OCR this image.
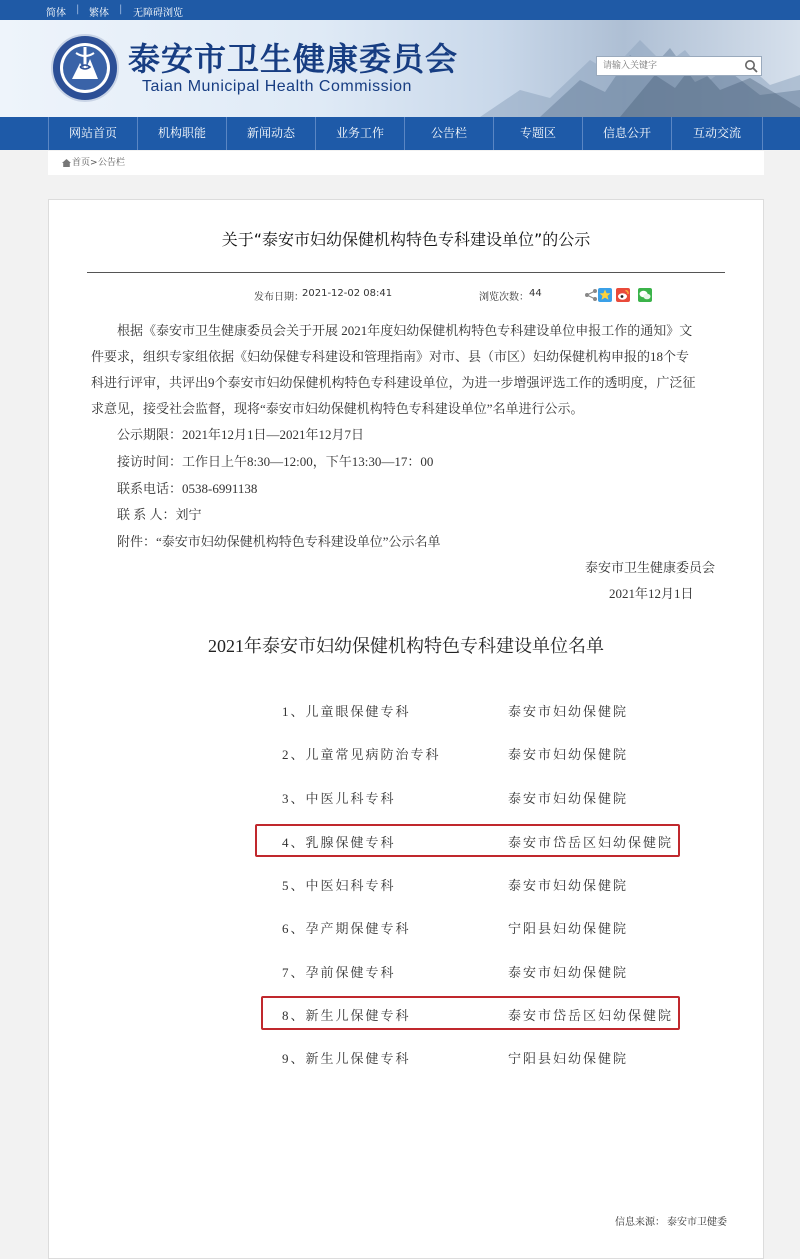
简体 | 繁体 | 无障碍浏览
泰安市卫生健康委员会
Taian Municipal Health Commission
请输入关键字
网站首页	机构职能	新闻动态	业务工作	公告栏	专题区	信息公开	互动交流
首页 > 公告栏
关于“泰安市妇幼保健机构特色专科建设单位”的公示
发布日期：
2021-12-02 08:41	浏览次数： 44
根据《泰安市卫生健康委员会关于开展 2021年度妇幼保健机构特色专科建设单位申报工作的通知》文
件要求，组织专家组依据《妇幼保健专科建设和管理指南》对市、县（市区）妇幼保健机构申报的18个专
科进行评审，共评出9个泰安市妇幼保健机构特色专科建设单位，为进一步增强评选工作的透明度，广泛征
求意见，接受社会监督，现将“泰安市妇幼保健机构特色专科建设单位”名单进行公示。
公示期限：2021年12月1日—2021年12月7日
接访时间：工作日上午8:30—12:00，下午13:30—17：00
联系电话：0538-6991138
联 系 人：刘宁
附件：“泰安市妇幼保健机构特色专科建设单位”公示名单
泰安市卫生健康委员会
2021年12月1日
2021年泰安市妇幼保健机构特色专科建设单位名单
1、儿童眼保健专科	泰安市妇幼保健院
2、儿童常见病防治专科	泰安市妇幼保健院
3、中医儿科专科	泰安市妇幼保健院
4、乳腺保健专科	泰安市岱岳区妇幼保健院
5、中医妇科专科	泰安市妇幼保健院
6、孕产期保健专科	宁阳县妇幼保健院
7、孕前保健专科	泰安市妇幼保健院
8、新生儿保健专科	泰安市岱岳区妇幼保健院
9、新生儿保健专科	宁阳县妇幼保健院
信息来源： 泰安市卫健委
